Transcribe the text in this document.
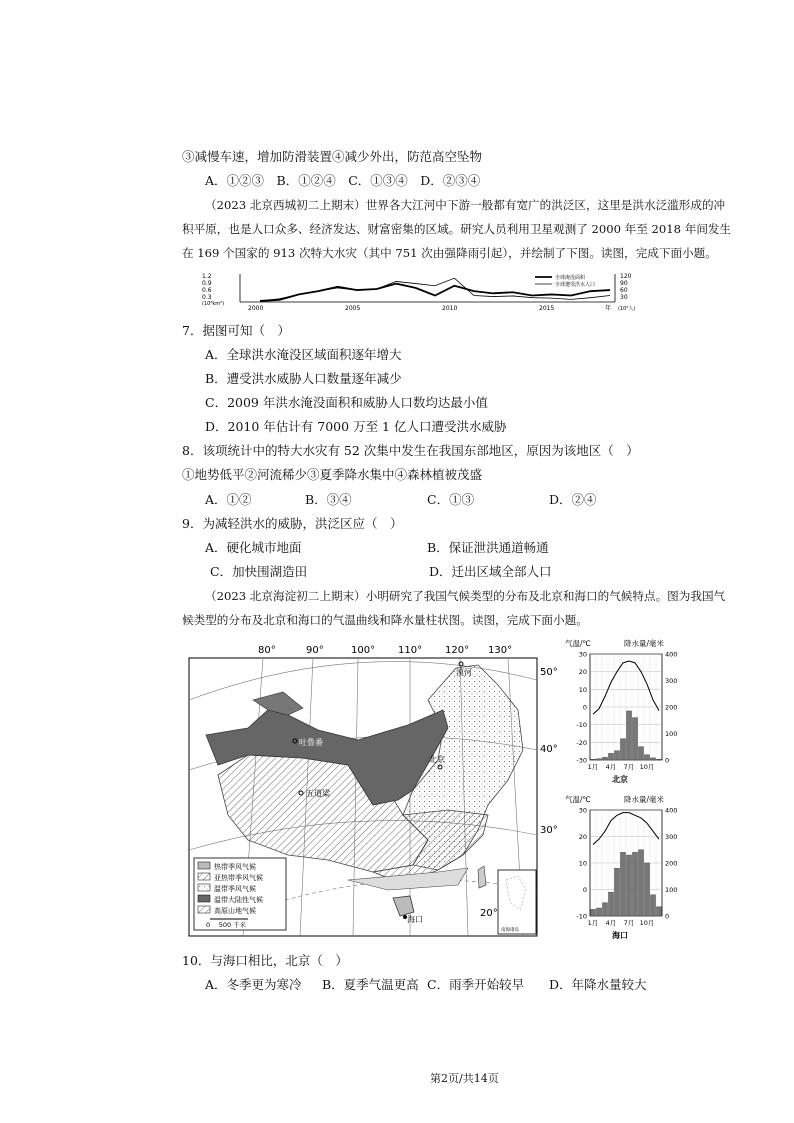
③减慢车速，增加防滑装置④减少外出，防范高空坠物
A．①②③　B．①②④　C．①③④　D．②③④
（2023 北京西城初二上期末）世界各大江河中下游一般都有宽广的洪泛区，这里是洪水泛滥形成的冲
积平原，也是人口众多、经济发达、财富密集的区域。研究人员利用卫星观测了 2000 年至 2018 年间发生
在 169 个国家的 913 次特大水灾（其中 751 次由强降雨引起），并绘制了下图。读图，完成下面小题。
1.2
0.9
0.6
0.3
(10⁶km²)
120
90
60
30
(10⁶人)
全球淹没面积
全球遭受洪水人口
2000	2005	2010	2015	年
7．据图可知（　）
A．全球洪水淹没区域面积逐年增大
B．遭受洪水威胁人口数量逐年减少
C．2009 年洪水淹没面积和威胁人口数均达最小值
D．2010 年估计有 7000 万至 1 亿人口遭受洪水威胁
8．该项统计中的特大水灾有 52 次集中发生在我国东部地区，原因为该地区（　）
①地势低平②河流稀少③夏季降水集中④森林植被茂盛
A．①②	B．③④	C．①③	D．②④
9．为减轻洪水的威胁，洪泛区应（　）
A．硬化城市地面	B．保证泄洪通道畅通
C．加快围湖造田	D．迁出区域全部人口
（2023 北京海淀初二上期末）小明研究了我国气候类型的分布及北京和海口的气候特点。图为我国气
候类型的分布及北京和海口的气温曲线和降水量柱状图。读图，完成下面小题。
80°	90°	100° 110° 120° 130°
50°
40°
30°
20°
漠河
吐鲁番
五道梁
北京
海口
热带季风气候
亚热带季风气候
温带季风气候
温带大陆性气候
高原山地气候
0　 500 千米
南海诸岛
气温/℃	降水量/毫米
30
20
10
0
-10
-20
-30
400
300
200
100
0
1月 4月 7月 10月
北京
气温/℃	降水量/毫米
30
20
10
0
-10
400
300
200
100
0
1月 4月 7月 10月
海口
10．与海口相比，北京（　）
A．冬季更为寒冷 B．夏季气温更高 C．雨季开始较早 D．年降水量较大
第2页/共14页
